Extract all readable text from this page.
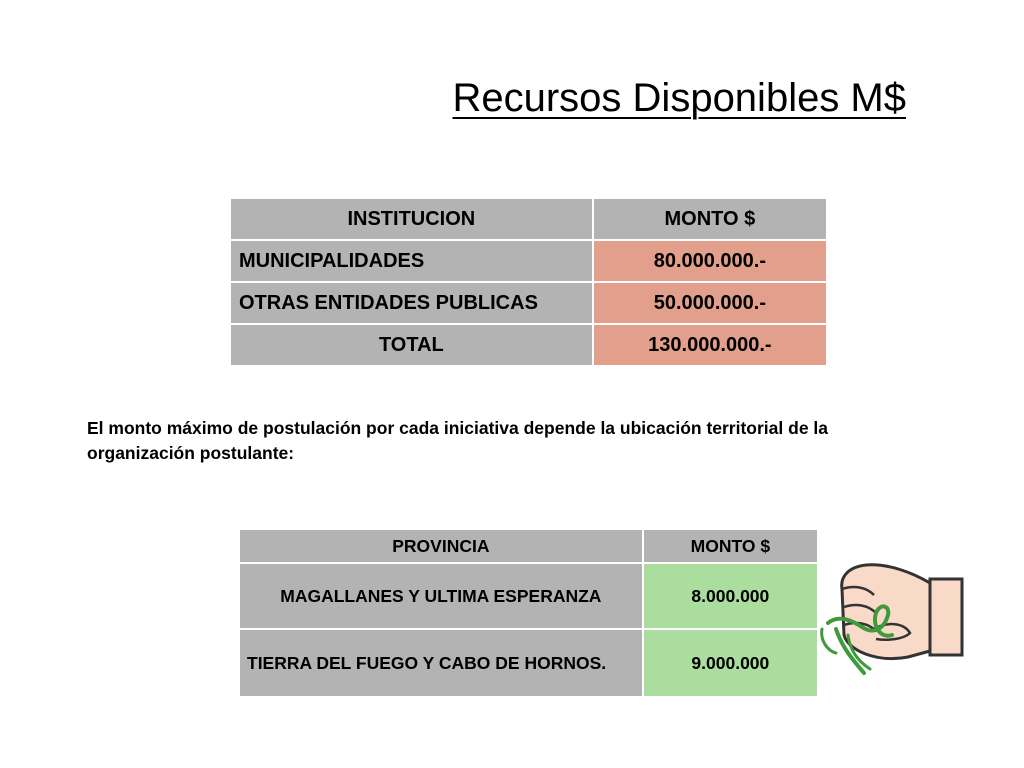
Recursos Disponibles M$
INSTITUCION	MONTO $
MUNICIPALIDADES	80.000.000.-
OTRAS ENTIDADES PUBLICAS	50.000.000.-
TOTAL	130.000.000.-
El monto máximo de postulación por cada iniciativa depende la ubicación territorial de la organización postulante:
PROVINCIA	MONTO $
MAGALLANES Y ULTIMA ESPERANZA	8.000.000
TIERRA DEL FUEGO Y CABO DE HORNOS.	9.000.000
